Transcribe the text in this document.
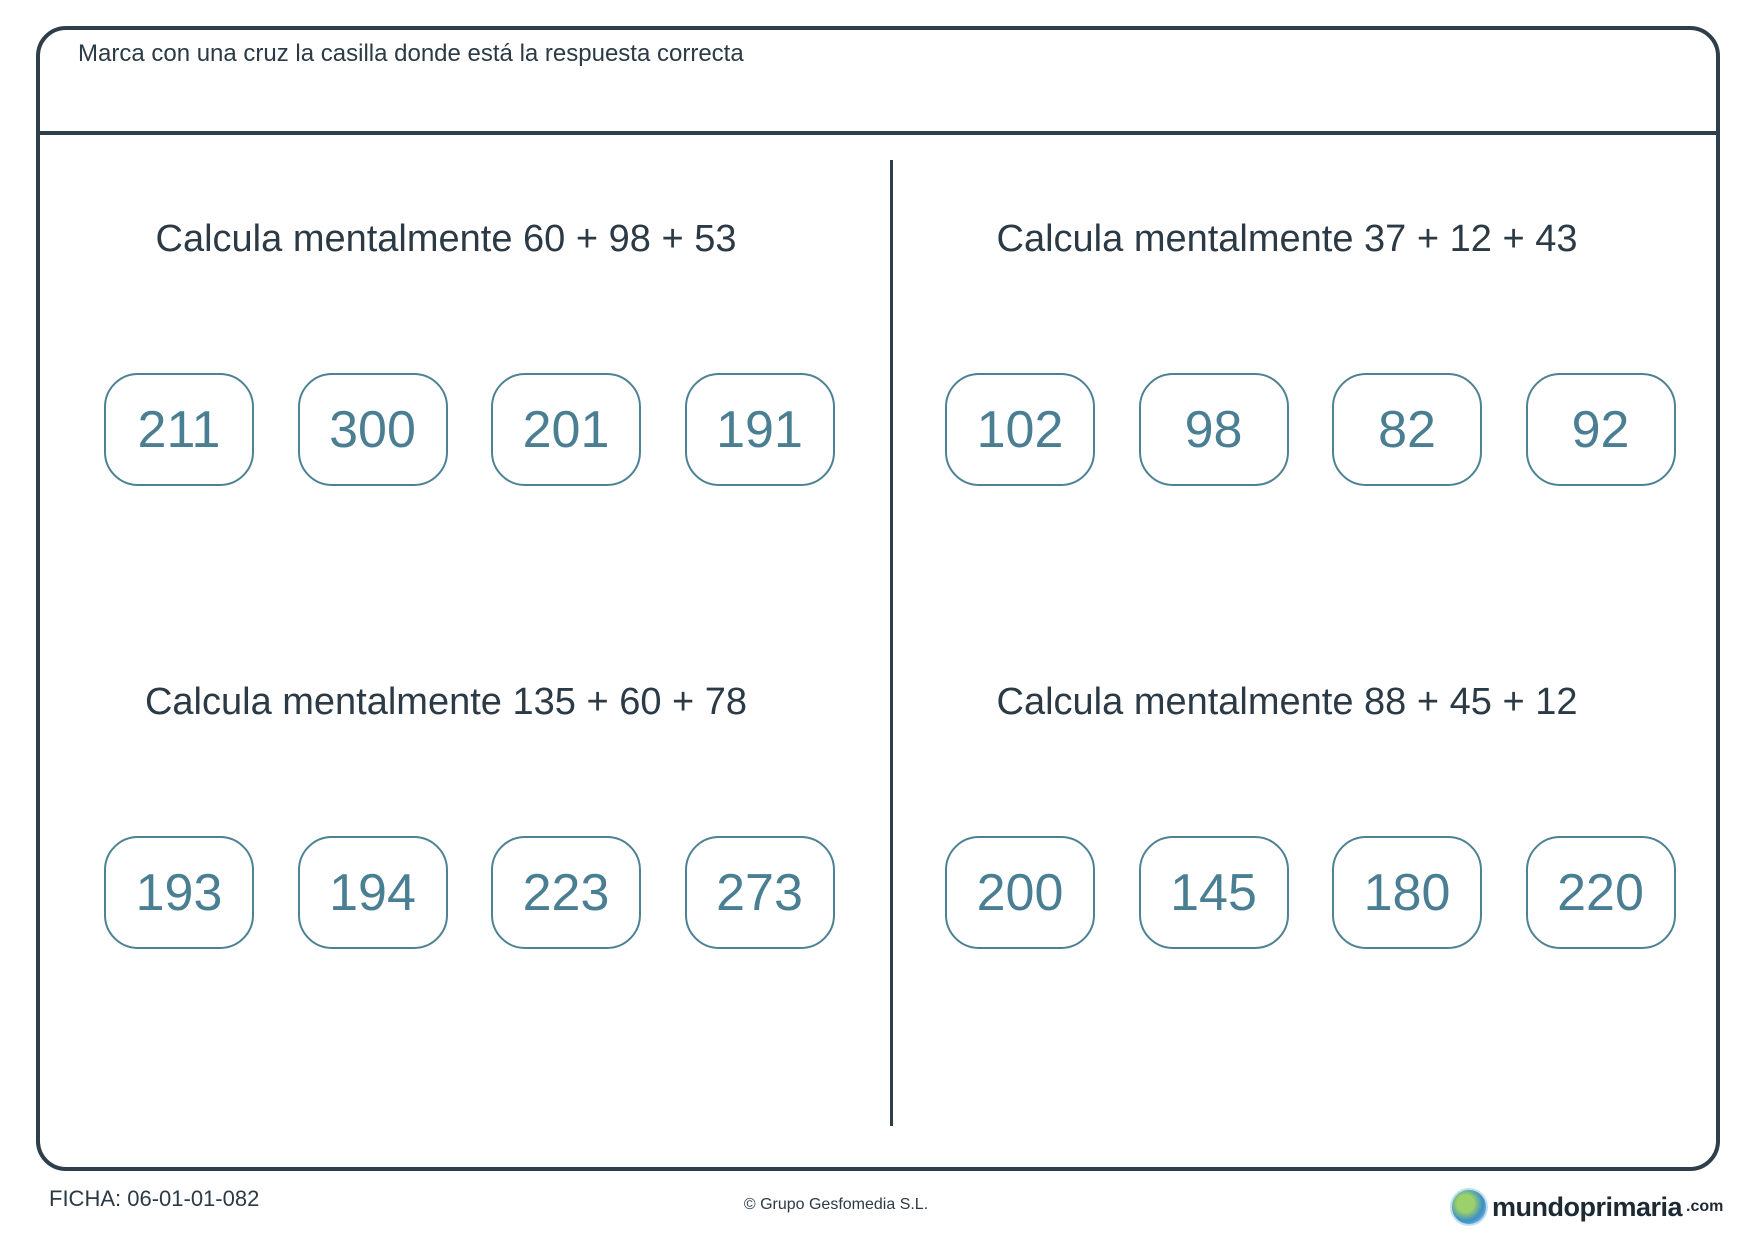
Marca con una cruz la casilla donde está la respuesta correcta
Calcula mentalmente 60 + 98 + 53
211	300	201	191
Calcula mentalmente 37 + 12 + 43
102	98	82	92
Calcula mentalmente 135 + 60 + 78
193	194	223	273
Calcula mentalmente 88 + 45 + 12
200	145	180	220
FICHA: 06-01-01-082	© Grupo Gesfomedia S.L.	mundoprimaria .com
